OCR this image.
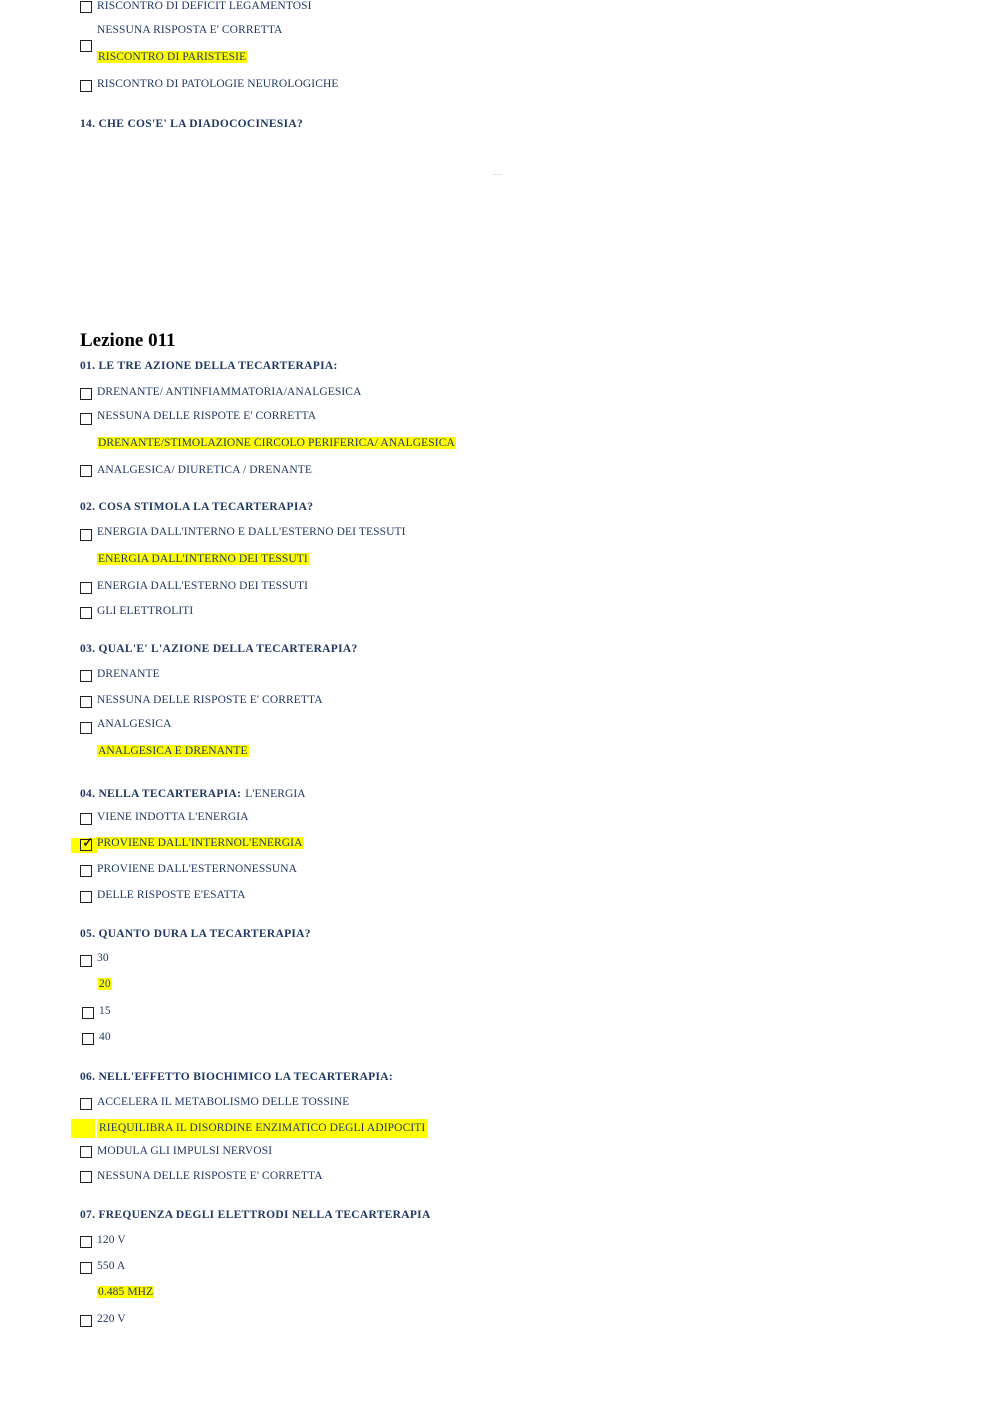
RISCONTRO DI DEFICIT LEGAMENTOSI
NESSUNA RISPOSTA E' CORRETTA
RISCONTRO DI PARISTESIE
RISCONTRO DI PATOLOGIE NEUROLOGICHE
14. CHE COS'E' LA DIADOCOCINESIA?
......
Lezione 011
01. LE TRE AZIONE DELLA TECARTERAPIA:
DRENANTE/ ANTINFIAMMATORIA/ANALGESICA
NESSUNA DELLE RISPOTE E' CORRETTA
DRENANTE/STIMOLAZIONE CIRCOLO PERIFERICA/ ANALGESICA
ANALGESICA/ DIURETICA / DRENANTE
02. COSA STIMOLA LA TECARTERAPIA?
ENERGIA DALL'INTERNO E DALL'ESTERNO DEI TESSUTI
ENERGIA DALL'INTERNO DEI TESSUTI
ENERGIA DALL'ESTERNO DEI TESSUTI
GLI ELETTROLITI
03. QUAL'E' L'AZIONE DELLA TECARTERAPIA?
DRENANTE
NESSUNA DELLE RISPOSTE E' CORRETTA
ANALGESICA
ANALGESICA E DRENANTE
04. NELLA TECARTERAPIA: L'ENERGIA
VIENE INDOTTA L'ENERGIA
✓ PROVIENE DALL'INTERNOL'ENERGIA
PROVIENE DALL'ESTERNONESSUNA
DELLE RISPOSTE E'ESATTA
05. QUANTO DURA LA TECARTERAPIA?
30
20
15
40
06. NELL'EFFETTO BIOCHIMICO LA TECARTERAPIA:
ACCELERA IL METABOLISMO DELLE TOSSINE
RIEQUILIBRA IL DISORDINE ENZIMATICO DEGLI ADIPOCITI
MODULA GLI IMPULSI NERVOSI
NESSUNA DELLE RISPOSTE E' CORRETTA
07. FREQUENZA DEGLI ELETTRODI NELLA TECARTERAPIA
120 V
550 A
0.485 MHZ
220 V
